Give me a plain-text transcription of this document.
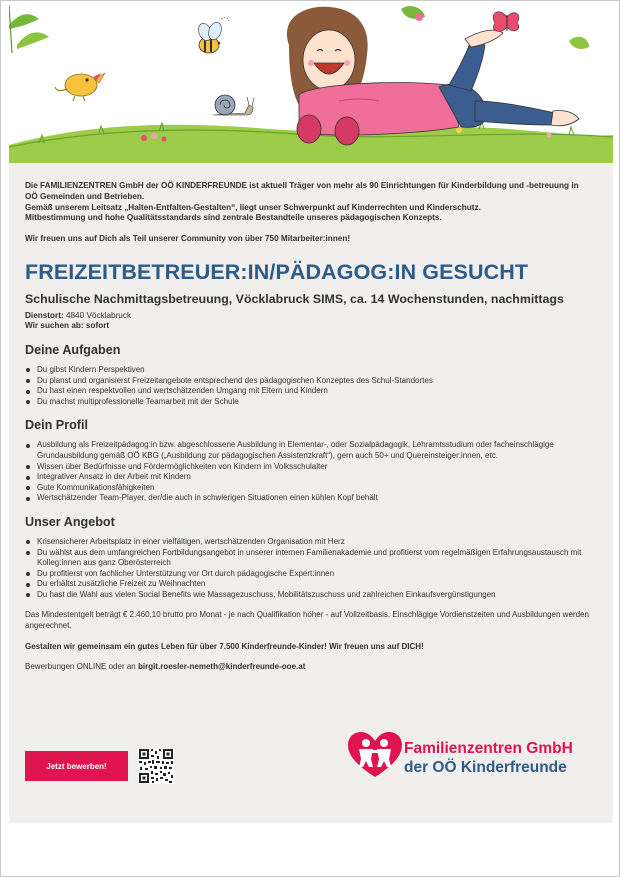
Die FAMILIENZENTREN GmbH der OÖ KINDERFREUNDE ist aktuell Träger von mehr als 90 Einrichtungen für Kinderbildung und -betreuung in OÖ Gemeinden und Betrieben.

Gemäß unserem Leitsatz „Halten-Entfalten-Gestalten“, liegt unser Schwerpunkt auf Kinderrechten und Kinderschutz.

Mitbestimmung und hohe Qualitätsstandards sind zentrale Bestandteile unseres pädagogischen Konzepts.

Wir freuen uns auf Dich als Teil unserer Community von über 750 Mitarbeiter:innen!

FREIZEITBETREUER:IN/PÄDAGOG:IN GESUCHT
Schulische Nachmittagsbetreuung, Vöcklabruck SIMS, ca. 14 Wochenstunden, nachmittags
Dienstort: 4840 Vöcklabruck
Wir suchen ab: sofort
Deine Aufgaben
Du gibst Kindern Perspektiven
Du planst und organisierst Freizeitangebote entsprechend des pädagogischen Konzeptes des Schul-Standortes
Du hast einen respektvollen und wertschätzenden Umgang mit Eltern und Kindern
Du machst multiprofessionelle Teamarbeit mit der Schule
Dein Profil
Ausbildung als Freizeitpädagog:in bzw. abgeschlossene Ausbildung in Elementar-, oder Sozialpädagogik, Lehramtsstudium oder facheinschlägige Grundausbildung gemäß OÖ KBG („Ausbildung zur pädagogischen Assistenzkraft“), gern auch 50+ und Quereinsteiger:innen, etc.
Wissen über Bedürfnisse und Fördermöglichkeiten von Kindern im Volksschulalter
Integrativer Ansatz in der Arbeit mit Kindern
Gute Kommunikationsfähigkeiten
Wertschätzender Team-Player, der/die auch in schwierigen Situationen einen kühlen Kopf behält
Unser Angebot
Krisensicherer Arbeitsplatz in einer vielfältigen, wertschätzenden Organisation mit Herz
Du wählst aus dem umfangreichen Fortbildungsangebot in unserer internen Familienakademie und profitierst vom regelmäßigen Erfahrungsaustausch mit Kolleg:innen aus ganz Oberösterreich
Du profitierst von fachlicher Unterstützung vor Ort durch pädagogische Expert:innen
Du erhältst zusätzliche Freizeit zu Weihnachten
Du hast die Wahl aus vielen Social Benefits wie Massagezuschuss, Mobilitätszuschuss und zahlreichen Einkaufsvergünstigungen

Das Mindestentgelt beträgt € 2.460,10 brutto pro Monat - je nach Qualifikation höher - auf Vollzeitbasis. Einschlägige Vordienstzeiten und Ausbildungen werden angerechnet.

Gestalten wir gemeinsam ein gutes Leben für über 7.500 Kinderfreunde-Kinder! Wir freuen uns auf DICH!

Bewerbungen ONLINE oder an birgit.roesler-nemeth@kinderfreunde-ooe.at

Jetzt bewerben!
Familienzentren GmbH
der OÖ Kinderfreunde
